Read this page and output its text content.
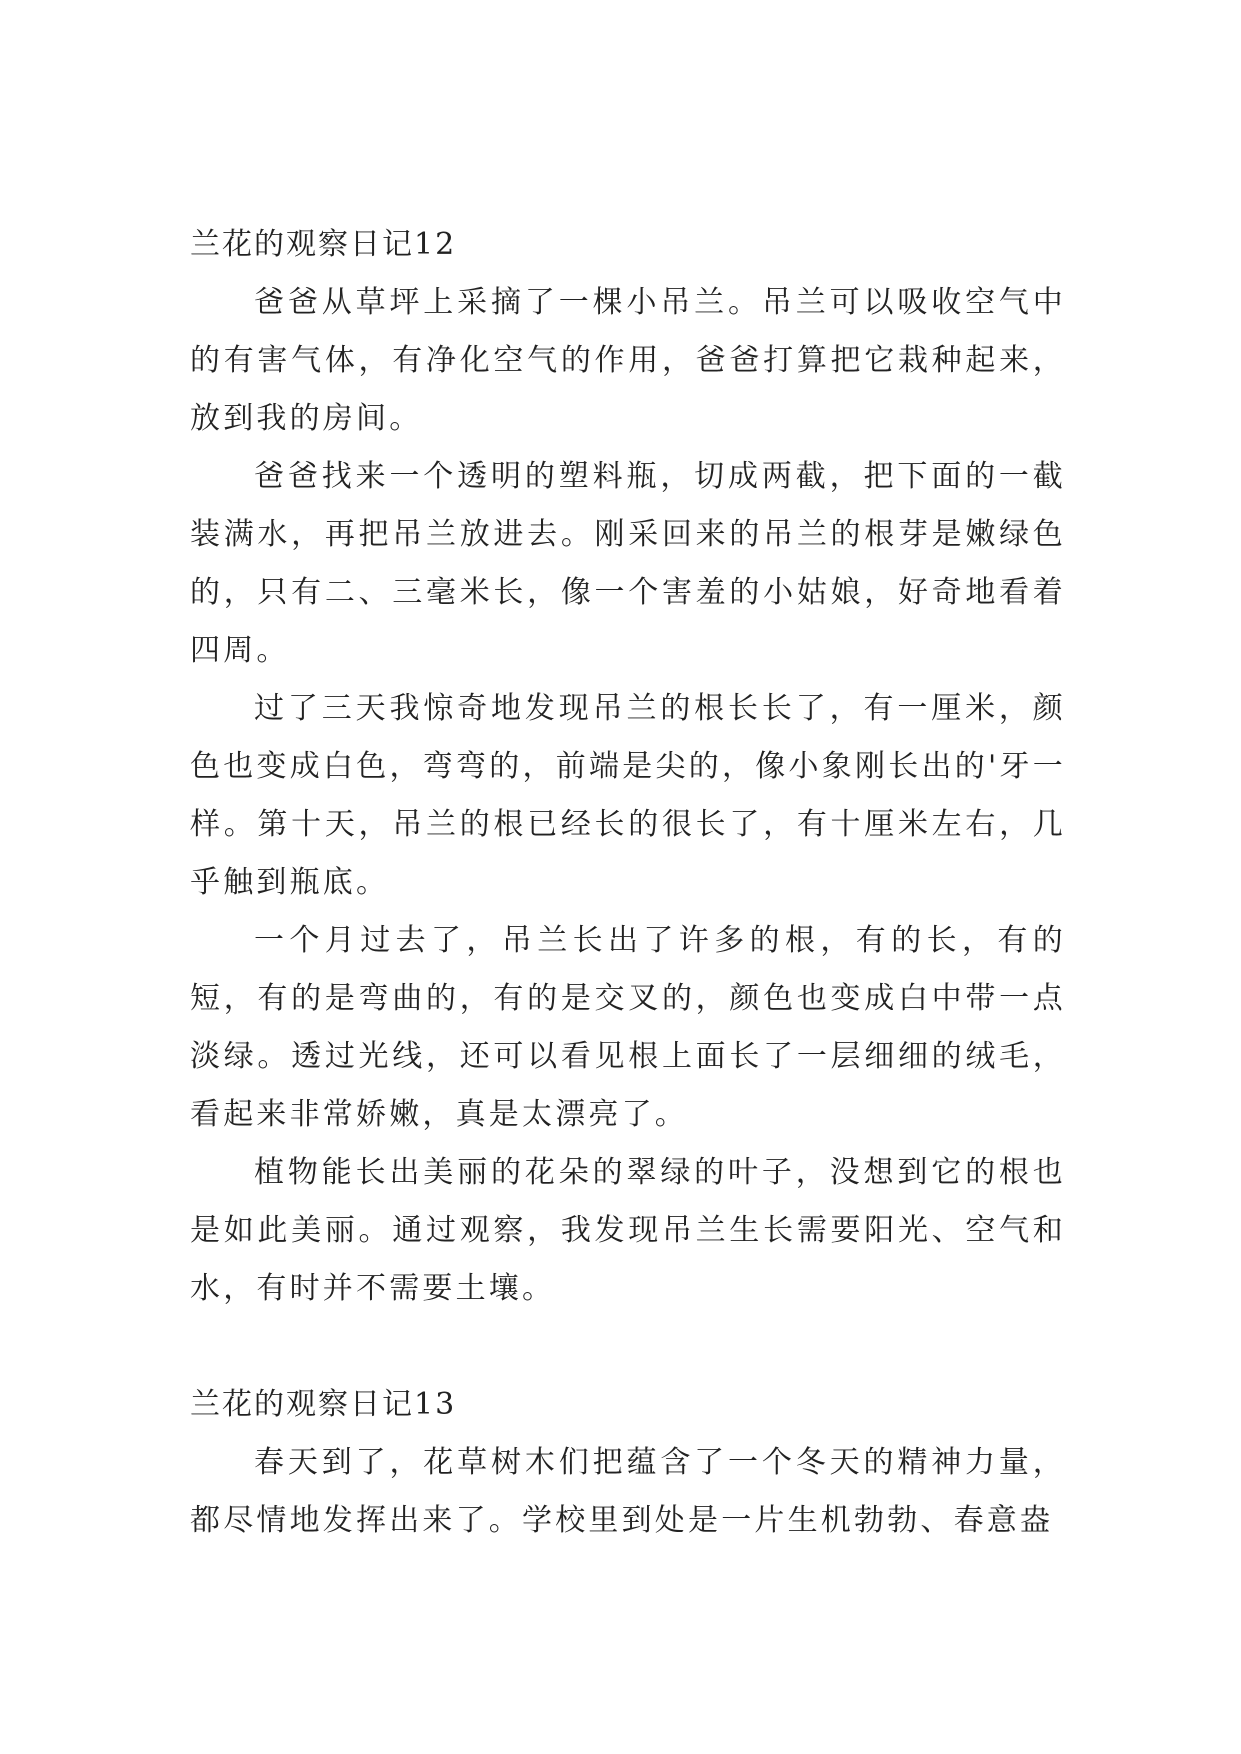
兰花的观察日记12

爸爸从草坪上采摘了一棵小吊兰。吊兰可以吸收空气中的有害气体，有净化空气的作用，爸爸打算把它栽种起来，放到我的房间。

爸爸找来一个透明的塑料瓶，切成两截，把下面的一截装满水，再把吊兰放进去。刚采回来的吊兰的根芽是嫩绿色的，只有二、三毫米长，像一个害羞的小姑娘，好奇地看着四周。

过了三天我惊奇地发现吊兰的根长长了，有一厘米，颜色也变成白色，弯弯的，前端是尖的，像小象刚长出的'牙一样。第十天，吊兰的根已经长的很长了，有十厘米左右，几乎触到瓶底。

一个月过去了，吊兰长出了许多的根，有的长，有的短，有的是弯曲的，有的是交叉的，颜色也变成白中带一点淡绿。透过光线，还可以看见根上面长了一层细细的绒毛，看起来非常娇嫩，真是太漂亮了。

植物能长出美丽的花朵的翠绿的叶子，没想到它的根也是如此美丽。通过观察，我发现吊兰生长需要阳光、空气和水，有时并不需要土壤。

兰花的观察日记13

春天到了，花草树木们把蕴含了一个冬天的精神力量，都尽情地发挥出来了。学校里到处是一片生机勃勃、春意盎
